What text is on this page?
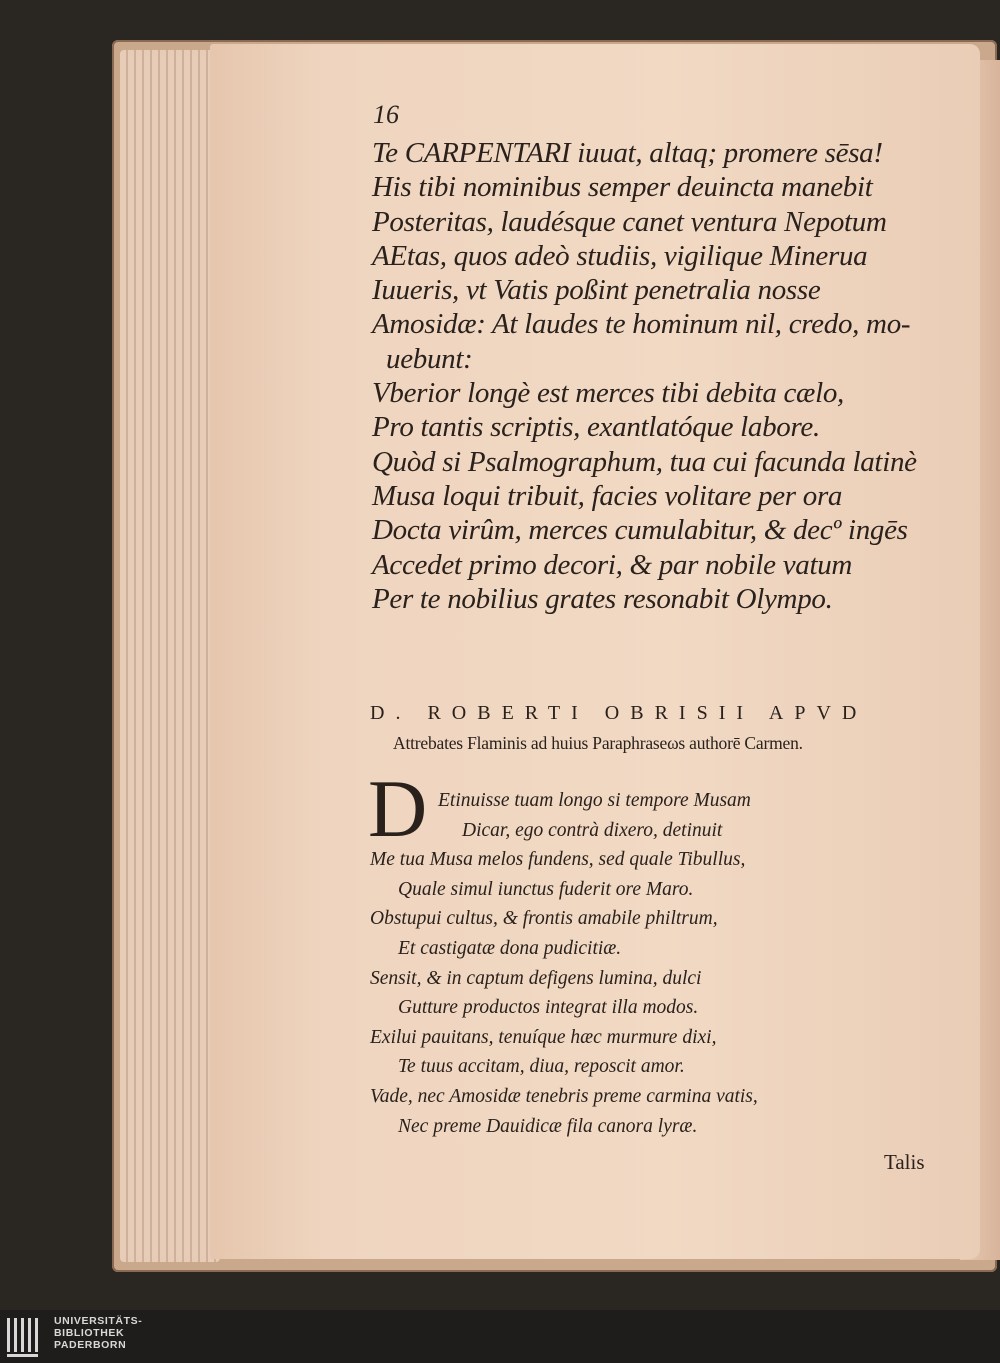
16
Te CARPENTARI iuuat, altaq; promere sēsa!
His tibi nominibus semper deuincta manebit
Posteritas, laudésque canet ventura Nepotum
AEtas, quos adeò studiis, vigilique Minerua
Iuueris, vt Vatis poßint penetralia nosse
Amosidæ: At laudes te hominum nil, credo, mo-
uebunt:
Vberior longè est merces tibi debita cælo,
Pro tantis scriptis, exantlatóque labore.
Quòd si Psalmographum, tua cui facunda latinè
Musa loqui tribuit, facies volitare per ora
Docta virûm, merces cumulabitur, & decº ingēs
Accedet primo decori, & par nobile vatum
Per te nobilius grates resonabit Olympo.
D. ROBERTI OBRISII APVD
Attrebates Flaminis ad huius Paraphraseωs authorē Carmen.
D Etinuisse tuam longo si tempore Musam
Dicar, ego contrà dixero, detinuit
Me tua Musa melos fundens, sed quale Tibullus,
Quale simul iunctus fuderit ore Maro.
Obstupui cultus, & frontis amabile philtrum,
Et castigatæ dona pudicitiæ.
Sensit, & in captum defigens lumina, dulci
Gutture productos integrat illa modos.
Exilui pauitans, tenuíque hæc murmure dixi,
Te tuus accitam, diua, reposcit amor.
Vade, nec Amosidæ tenebris preme carmina vatis,
Nec preme Dauidicæ fila canora lyræ.
Talis
UNIVERSITÄTS-
BIBLIOTHEK
PADERBORN
